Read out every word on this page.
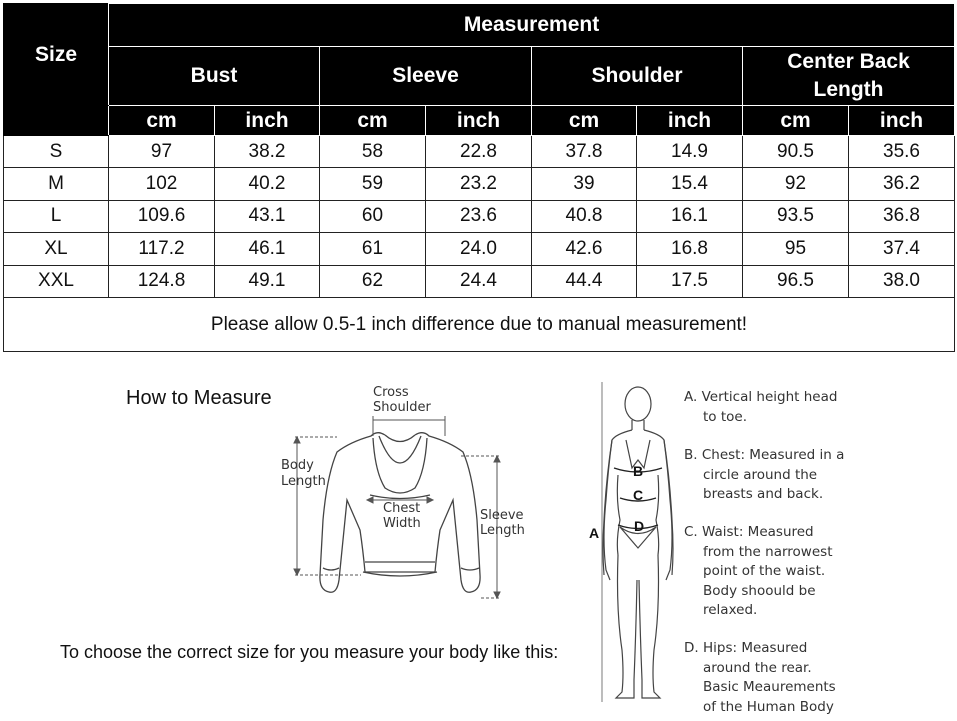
Size	Measurement							
	Bust		Sleeve		Shoulder		Center Back Length	
	cm	inch	cm	inch	cm	inch	cm	inch
S	97	38.2	58	22.8	37.8	14.9	90.5	35.6
M	102	40.2	59	23.2	39	15.4	92	36.2
L	109.6	43.1	60	23.6	40.8	16.1	93.5	36.8
XL	117.2	46.1	61	24.0	42.6	16.8	95	37.4
XXL	124.8	49.1	62	24.4	44.4	17.5	96.5	38.0
Please allow 0.5-1 inch difference due to manual measurement!								
How to Measure	Cross
Shoulder
Body
Length
Chest
Width
Sleeve
Length
B
C
D
A
A. Vertical height head
to toe.
B. Chest: Measured in a
circle around the
breasts and back.
C. Waist: Measured
from the narrowest
point of the waist.
Body shoould be
relaxed.
D. Hips: Measured
around the rear.
Basic Meaurements
of the Human Body
To choose the correct size for you measure your body like this:
